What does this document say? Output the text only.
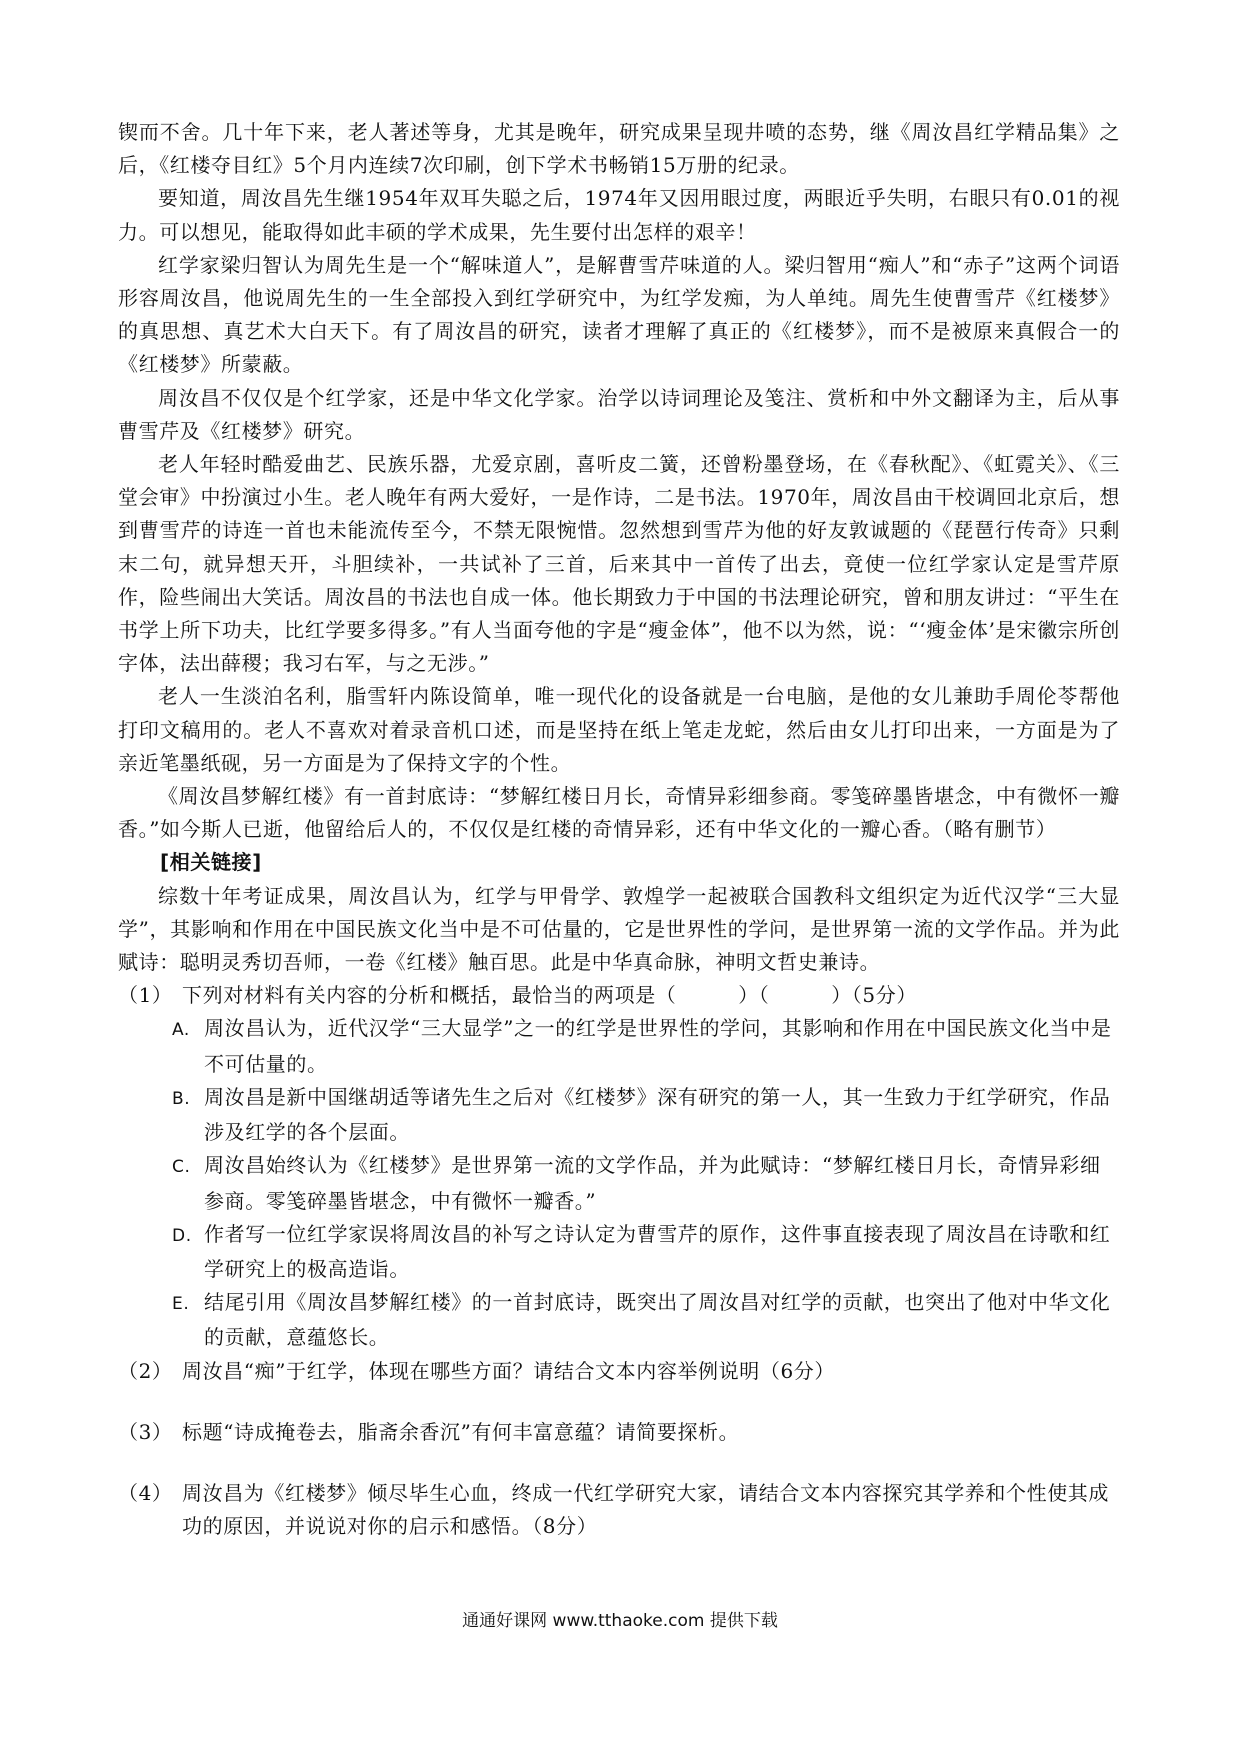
锲而不舍。几十年下来，老人著述等身，尤其是晚年，研究成果呈现井喷的态势，继《周汝昌红学精品集》之后，《红楼夺目红》5个月内连续7次印刷，创下学术书畅销15万册的纪录。

要知道，周汝昌先生继1954年双耳失聪之后，1974年又因用眼过度，两眼近乎失明，右眼只有0.01的视力。可以想见，能取得如此丰硕的学术成果，先生要付出怎样的艰辛！

红学家梁归智认为周先生是一个“解味道人”，是解曹雪芹味道的人。梁归智用“痴人”和“赤子”这两个词语形容周汝昌，他说周先生的一生全部投入到红学研究中，为红学发痴，为人单纯。周先生使曹雪芹《红楼梦》的真思想、真艺术大白天下。有了周汝昌的研究，读者才理解了真正的《红楼梦》，而不是被原来真假合一的《红楼梦》所蒙蔽。

周汝昌不仅仅是个红学家，还是中华文化学家。治学以诗词理论及笺注、赏析和中外文翻译为主，后从事曹雪芹及《红楼梦》研究。

老人年轻时酷爱曲艺、民族乐器，尤爱京剧，喜听皮二簧，还曾粉墨登场，在《春秋配》、《虹霓关》、《三堂会审》中扮演过小生。老人晚年有两大爱好，一是作诗，二是书法。1970年，周汝昌由干校调回北京后，想到曹雪芹的诗连一首也未能流传至今，不禁无限惋惜。忽然想到雪芹为他的好友敦诚题的《琵琶行传奇》只剩末二句，就异想天开，斗胆续补，一共试补了三首，后来其中一首传了出去，竟使一位红学家认定是雪芹原作，险些闹出大笑话。周汝昌的书法也自成一体。他长期致力于中国的书法理论研究，曾和朋友讲过：“平生在书学上所下功夫，比红学要多得多。”有人当面夸他的字是“瘦金体”，他不以为然，说：“‘瘦金体’是宋徽宗所创字体，法出薛稷；我习右军，与之无涉。”

老人一生淡泊名利，脂雪轩内陈设简单，唯一现代化的设备就是一台电脑，是他的女儿兼助手周伦苓帮他打印文稿用的。老人不喜欢对着录音机口述，而是坚持在纸上笔走龙蛇，然后由女儿打印出来，一方面是为了亲近笔墨纸砚，另一方面是为了保持文字的个性。

《周汝昌梦解红楼》有一首封底诗：“梦解红楼日月长，奇情异彩细参商。零笺碎墨皆堪念，中有微怀一瓣香。”如今斯人已逝，他留给后人的，不仅仅是红楼的奇情异彩，还有中华文化的一瓣心香。（略有删节）

[相关链接]

综数十年考证成果，周汝昌认为，红学与甲骨学、敦煌学一起被联合国教科文组织定为近代汉学“三大显学”，其影响和作用在中国民族文化当中是不可估量的，它是世界性的学问，是世界第一流的文学作品。并为此赋诗：聪明灵秀切吾师，一卷《红楼》触百思。此是中华真命脉，神明文哲史兼诗。

（1） 下列对材料有关内容的分析和概括，最恰当的两项是（　　　）（　　　）（5分）

A. 周汝昌认为，近代汉学“三大显学”之一的红学是世界性的学问，其影响和作用在中国民族文化当中是不可估量的。

B. 周汝昌是新中国继胡适等诸先生之后对《红楼梦》深有研究的第一人，其一生致力于红学研究，作品涉及红学的各个层面。

C. 周汝昌始终认为《红楼梦》是世界第一流的文学作品，并为此赋诗：“梦解红楼日月长，奇情异彩细参商。零笺碎墨皆堪念，中有微怀一瓣香。”

D. 作者写一位红学家误将周汝昌的补写之诗认定为曹雪芹的原作，这件事直接表现了周汝昌在诗歌和红学研究上的极高造诣。

E. 结尾引用《周汝昌梦解红楼》的一首封底诗，既突出了周汝昌对红学的贡献，也突出了他对中华文化的贡献，意蕴悠长。

（2） 周汝昌“痴”于红学，体现在哪些方面？请结合文本内容举例说明（6分）

（3） 标题“诗成掩卷去，脂斋余香沉”有何丰富意蕴？请简要探析。

（4） 周汝昌为《红楼梦》倾尽毕生心血，终成一代红学研究大家，请结合文本内容探究其学养和个性使其成功的原因，并说说对你的启示和感悟。（8分）

通通好课网 www.tthaoke.com 提供下载
